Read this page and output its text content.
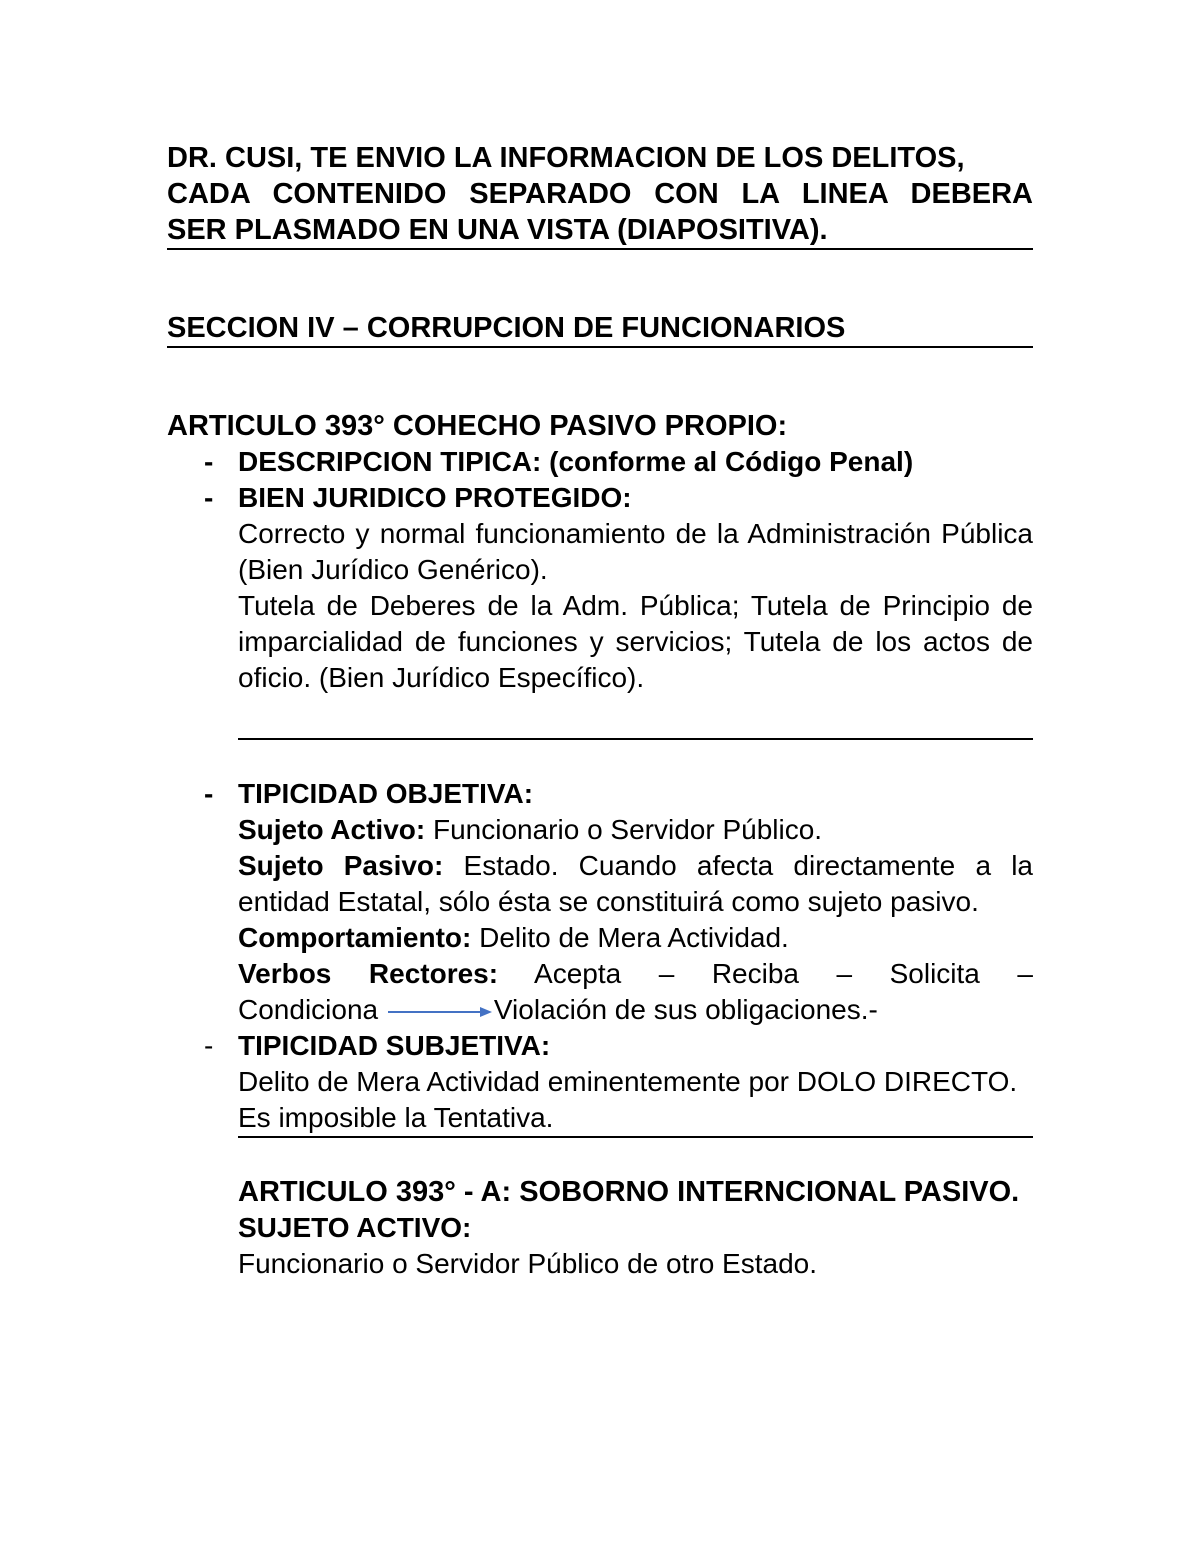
DR. CUSI, TE ENVIO LA INFORMACION DE LOS DELITOS,

CADA CONTENIDO SEPARADO CON LA LINEA DEBERA

SER PLASMADO EN UNA VISTA (DIAPOSITIVA).

SECCION IV – CORRUPCION DE FUNCIONARIOS

ARTICULO 393° COHECHO PASIVO PROPIO:

- DESCRIPCION TIPICA: (conforme al Código Penal)

- BIEN JURIDICO PROTEGIDO:

Correcto y normal funcionamiento de la Administración Pública (Bien Jurídico Genérico).

Tutela de Deberes de la Adm. Pública; Tutela de Principio de imparcialidad de funciones y servicios; Tutela de los actos de oficio. (Bien Jurídico Específico).

- TIPICIDAD OBJETIVA:

Sujeto Activo: Funcionario o Servidor Público.

Sujeto Pasivo: Estado. Cuando afecta directamente a la entidad Estatal, sólo ésta se constituirá como sujeto pasivo.

Comportamiento: Delito de Mera Actividad.

Verbos Rectores: Acepta – Reciba – Solicita –

Condiciona	Violación de sus obligaciones.-

- TIPICIDAD SUBJETIVA:

Delito de Mera Actividad eminentemente por DOLO DIRECTO.

Es imposible la Tentativa.

ARTICULO 393° - A: SOBORNO INTERNCIONAL PASIVO.

SUJETO ACTIVO:

Funcionario o Servidor Público de otro Estado.
